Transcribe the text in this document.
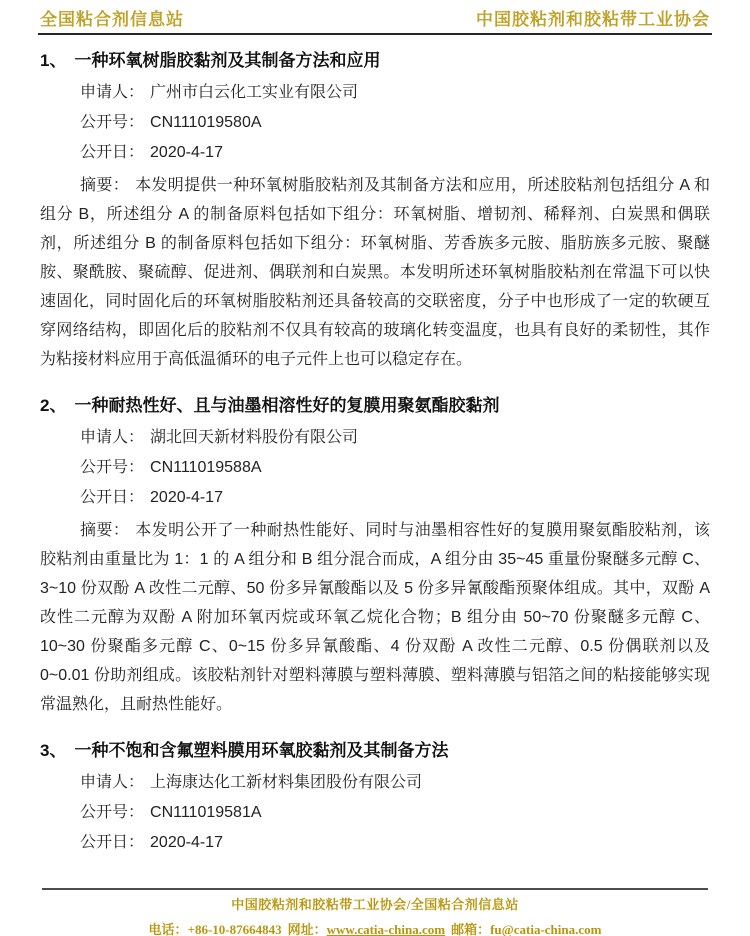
全国粘合剂信息站	中国胶粘剂和胶粘带工业协会
1、 一种环氧树脂胶黏剂及其制备方法和应用
申请人： 广州市白云化工实业有限公司
公开号： CN111019580A
公开日： 2020-4-17

摘要： 本发明提供一种环氧树脂胶粘剂及其制备方法和应用，所述胶粘剂包括组分 A 和组分 B，所述组分 A 的制备原料包括如下组分：环氧树脂、增韧剂、稀释剂、白炭黑和偶联剂，所述组分 B 的制备原料包括如下组分：环氧树脂、芳香族多元胺、脂肪族多元胺、聚醚胺、聚酰胺、聚硫醇、促进剂、偶联剂和白炭黑。本发明所述环氧树脂胶粘剂在常温下可以快速固化，同时固化后的环氧树脂胶粘剂还具备较高的交联密度，分子中也形成了一定的软硬互穿网络结构，即固化后的胶粘剂不仅具有较高的玻璃化转变温度，也具有良好的柔韧性，其作为粘接材料应用于高低温循环的电子元件上也可以稳定存在。

2、 一种耐热性好、且与油墨相溶性好的复膜用聚氨酯胶黏剂
申请人： 湖北回天新材料股份有限公司
公开号： CN111019588A
公开日： 2020-4-17

摘要： 本发明公开了一种耐热性能好、同时与油墨相容性好的复膜用聚氨酯胶粘剂，该胶粘剂由重量比为 1：1 的 A 组分和 B 组分混合而成，A 组分由 35~45 重量份聚醚多元醇 C、3~10 份双酚 A 改性二元醇、50 份多异氰酸酯以及 5 份多异氰酸酯预聚体组成。其中，双酚 A 改性二元醇为双酚 A 附加环氧丙烷或环氧乙烷化合物；B 组分由 50~70 份聚醚多元醇 C、10~30 份聚酯多元醇 C、0~15 份多异氰酸酯、4 份双酚 A 改性二元醇、0.5 份偶联剂以及 0~0.01 份助剂组成。该胶粘剂针对塑料薄膜与塑料薄膜、塑料薄膜与铝箔之间的粘接能够实现常温熟化，且耐热性能好。

3、 一种不饱和含氟塑料膜用环氧胶黏剂及其制备方法
申请人： 上海康达化工新材料集团股份有限公司
公开号： CN111019581A
公开日： 2020-4-17
中国胶粘剂和胶粘带工业协会/全国粘合剂信息站
电话：+86-10-87664843 网址：www.catia-china.com 邮箱：fu@catia-china.com
